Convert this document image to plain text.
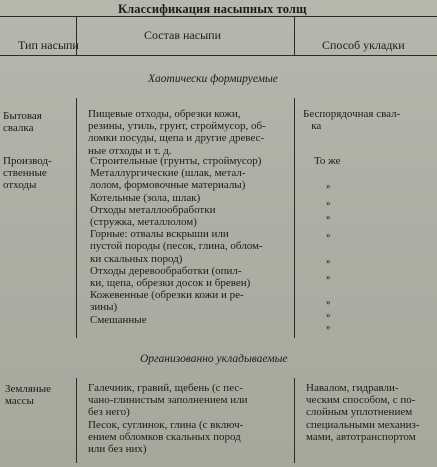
Классификация насыпных толщ
Тип насыпи
Состав насыпи
Способ укладки
Хаотически формируемые
Бытовая
свалка
Пищевые отходы, обрезки кожи,
резины, утиль, грунт, строймусор, об-
ломки посуды, щепа и другие древес-
ные отходы и т. д.
Беспорядочная свал-
ка
Производ-
ственные
отходы
Строительные (грунты, строймусор)
Металлургические (шлак, метал-
лолом, формовочные материалы)
Котельные (зола, шлак)
Отходы металлообработки
(стружка, металлолом)
Горные: отвалы вскрыши или
пустой породы (песок, глина, облом-
ки скальных пород)
Отходы деревообработки (опил-
ки, щепа, обрезки досок и бревен)
Кожевенные (обрезки кожи и ре-
зины)
Смешанные
То же
»
»
»
»
»
»
»
»
»
Организованно укладываемые
Земляные
массы
Галечник, гравий, щебень (с пес-
чано-глинистым заполнением или
без него)
Песок, суглинок, глина (с включ-
ением обломков скальных пород
или без них)
Навалом, гидравли-
ческим способом, с по-
слойным уплотнением
специальными механиз-
мами, автотранспортом
